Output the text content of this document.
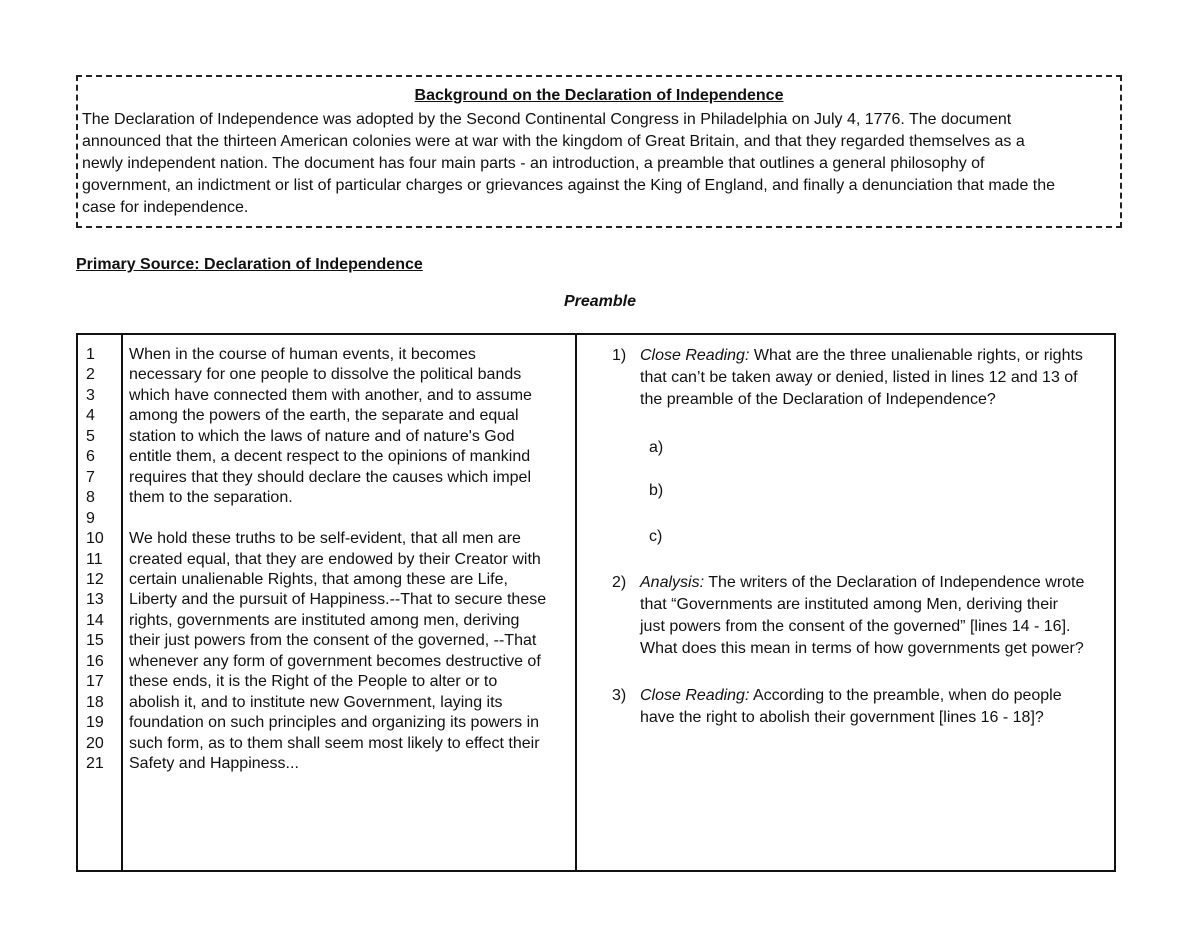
Background on the Declaration of Independence
The Declaration of Independence was adopted by the Second Continental Congress in Philadelphia on July 4, 1776. The document
announced that the thirteen American colonies were at war with the kingdom of Great Britain, and that they regarded themselves as a
newly independent nation. The document has four main parts - an introduction, a preamble that outlines a general philosophy of
government, an indictment or list of particular charges or grievances against the King of England, and finally a denunciation that made the
case for independence.
Primary Source: Declaration of Independence
Preamble
1
2
3
4
5
6
7
8
9
10
11
12
13
14
15
16
17
18
19
20
21
When in the course of human events, it becomes
necessary for one people to dissolve the political bands
which have connected them with another, and to assume
among the powers of the earth, the separate and equal
station to which the laws of nature and of nature's God
entitle them, a decent respect to the opinions of mankind
requires that they should declare the causes which impel
them to the separation.
We hold these truths to be self-evident, that all men are
created equal, that they are endowed by their Creator with
certain unalienable Rights, that among these are Life,
Liberty and the pursuit of Happiness.--That to secure these
rights, governments are instituted among men, deriving
their just powers from the consent of the governed, --That
whenever any form of government becomes destructive of
these ends, it is the Right of the People to alter or to
abolish it, and to institute new Government, laying its
foundation on such principles and organizing its powers in
such form, as to them shall seem most likely to effect their
Safety and Happiness...
1) Close Reading: What are the three unalienable rights, or rights
that can’t be taken away or denied, listed in lines 12 and 13 of
the preamble of the Declaration of Independence?
a)
b)
c)
2) Analysis: The writers of the Declaration of Independence wrote
that “Governments are instituted among Men, deriving their
just powers from the consent of the governed” [lines 14 - 16].
What does this mean in terms of how governments get power?
3) Close Reading: According to the preamble, when do people
have the right to abolish their government [lines 16 - 18]?
